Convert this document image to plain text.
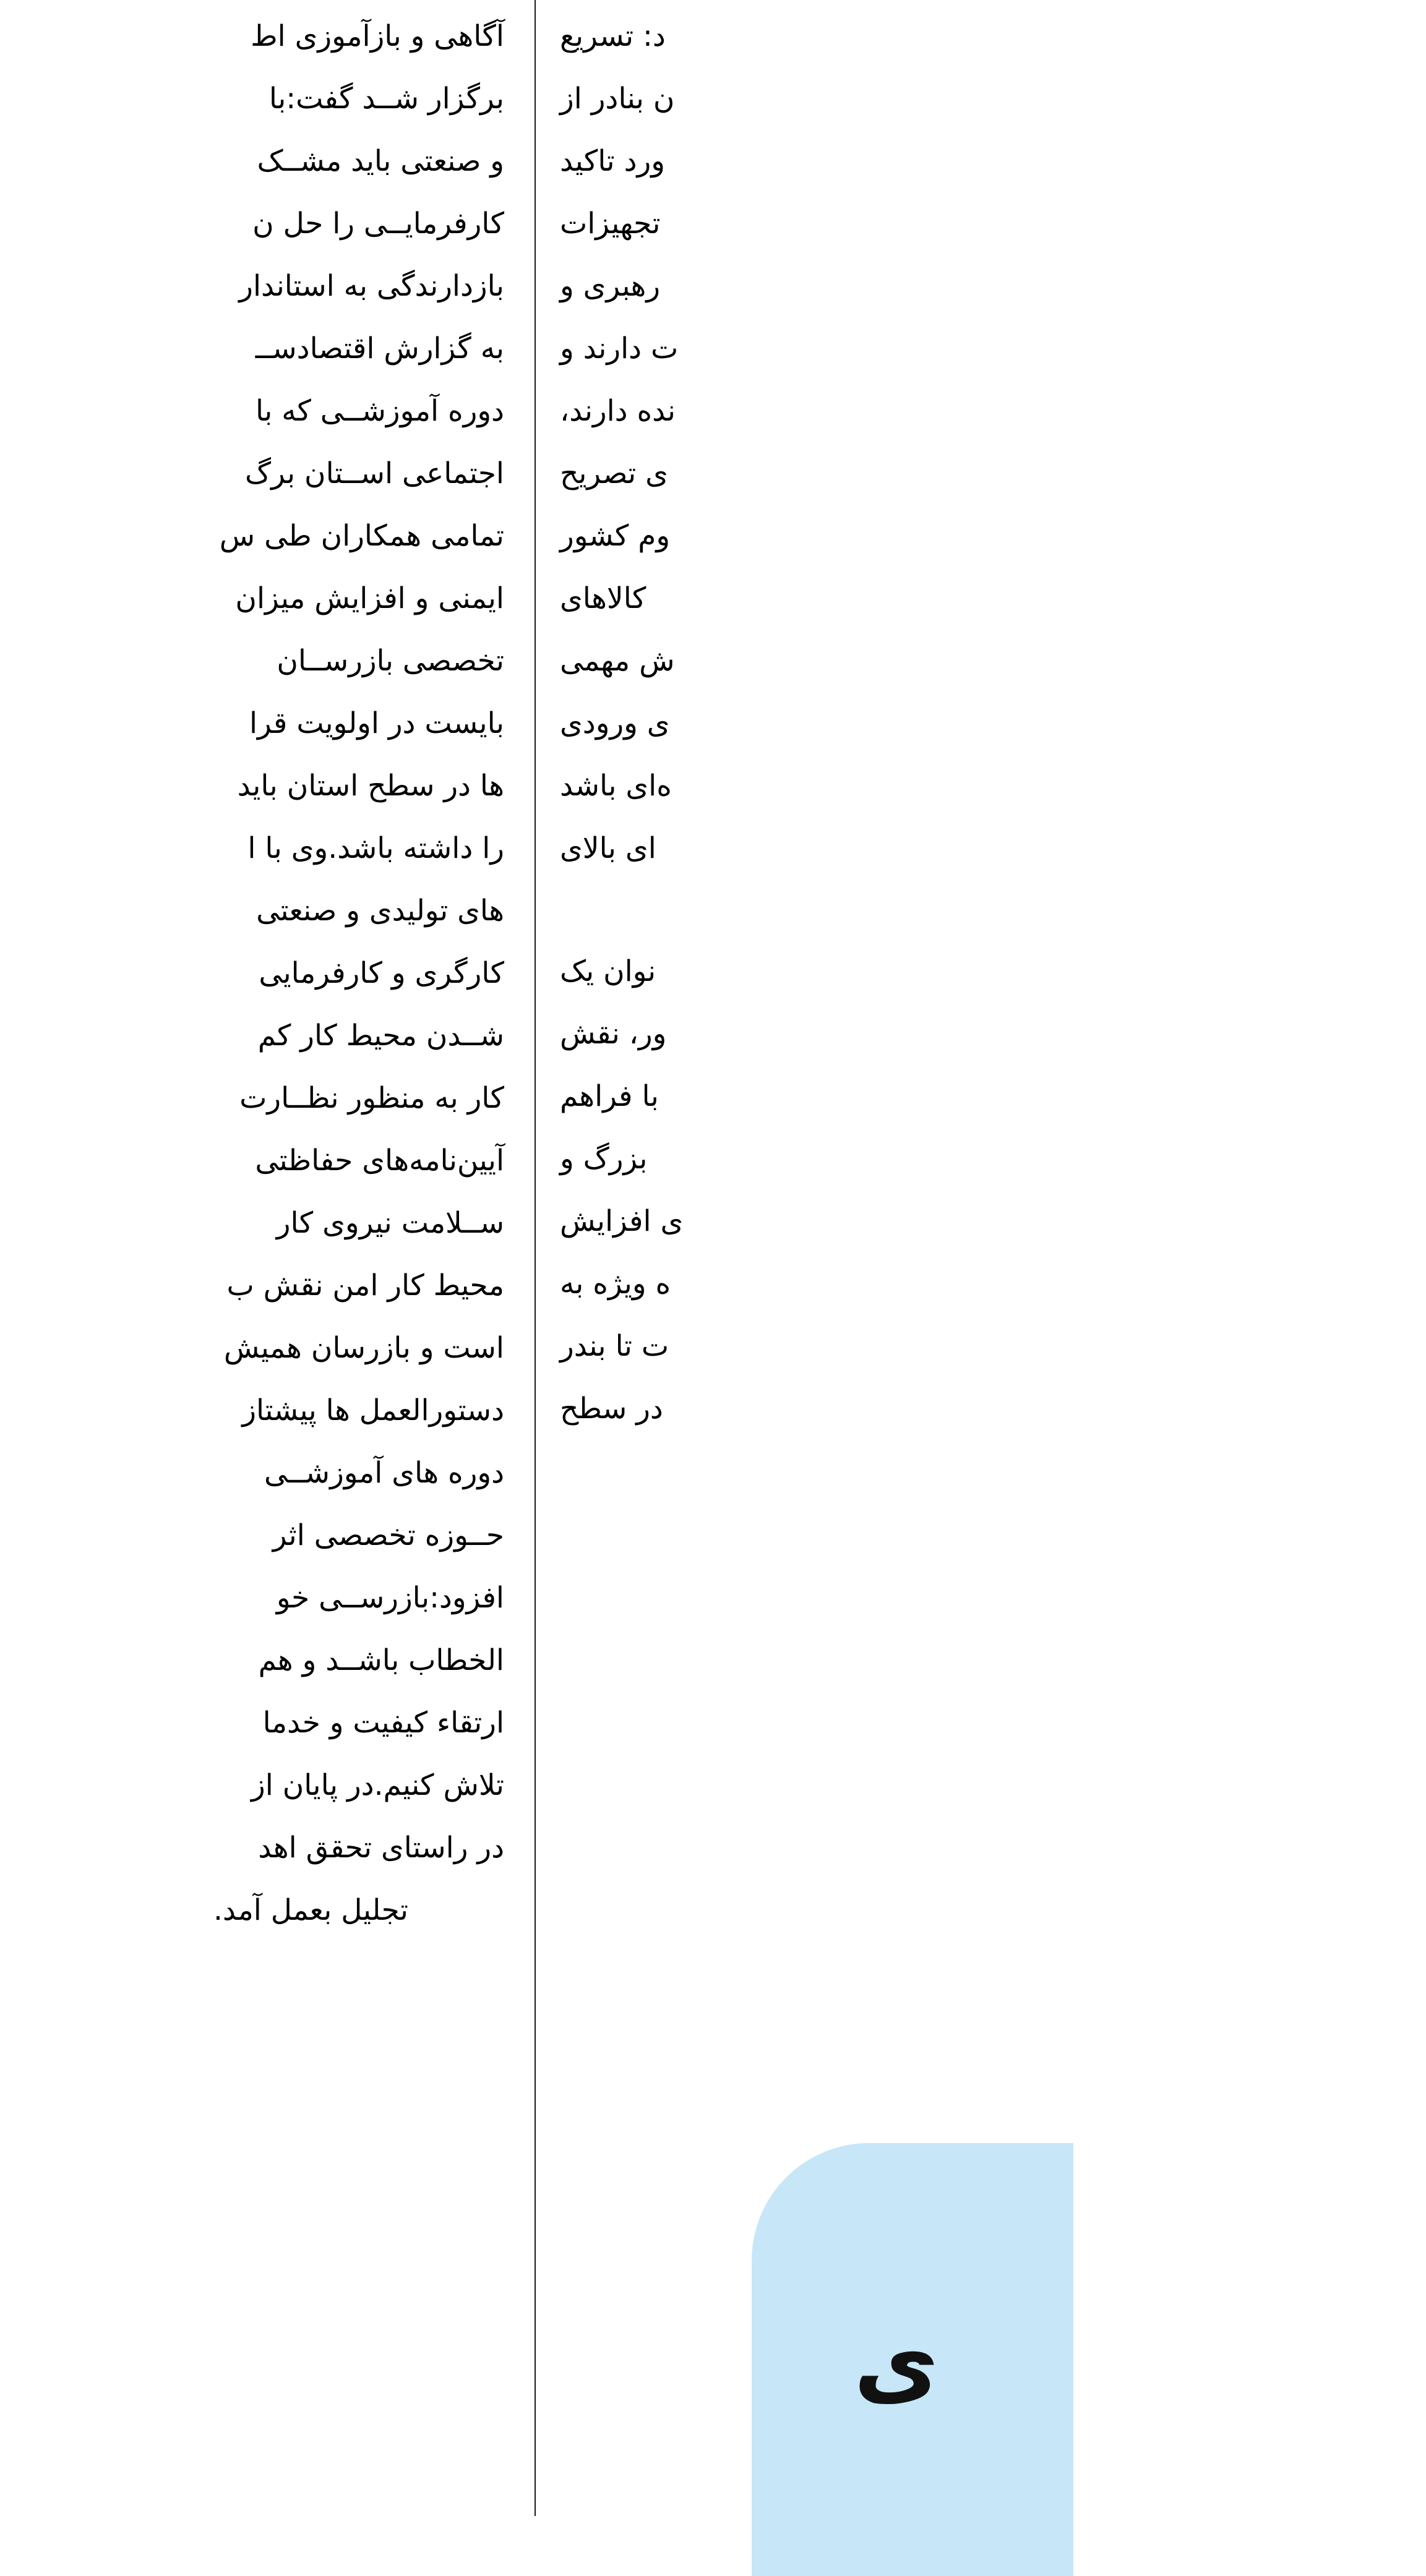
آگاهی و بازآموزی اط
برگزار شــد گفت:با
و صنعتی باید مشــک
کارفرمایــی را حل ن
بازدارندگی به استاندار
به گزارش اقتصادســ
دوره آموزشــی که با
اجتماعی اســتان برگ
تمامی همکاران طی س
ایمنی و افزایش میزان
تخصصی بازرســان
بایست در اولویت قرا
ها در سطح استان باید
را داشته باشد.وی با ا
های تولیدی و صنعتی
کارگری و کارفرمایی
شــدن محیط کار کم
کار به منظور نظــارت
آیین‌نامه‌های حفاظتی
ســلامت نیروی کار
محیط کار امن نقش ب
است و بازرسان همیش
دستورالعمل ها پیشتاز
دوره های آموزشــی
حــوزه تخصصی اثر
افزود:بازرســی خو
الخطاب باشــد و هم
ارتقاء کیفیت و خدما
تلاش کنیم.در پایان از
در راستای تحقق اهد
تجلیل بعمل آمد.
د: تسریع
ن بنادر از
ورد تاکید
تجهیزات
رهبری و
ت دارند و
نده دارند،
ی تصریح
وم کشور
کالاهای
ش مهمی
ی ورودی
ه‌ای باشد
ای بالای
نوان یک
ور، نقش
با فراهم
بزرگ و
ی افزایش
ه ویژه به
ت تا بندر
در سطح
ی
